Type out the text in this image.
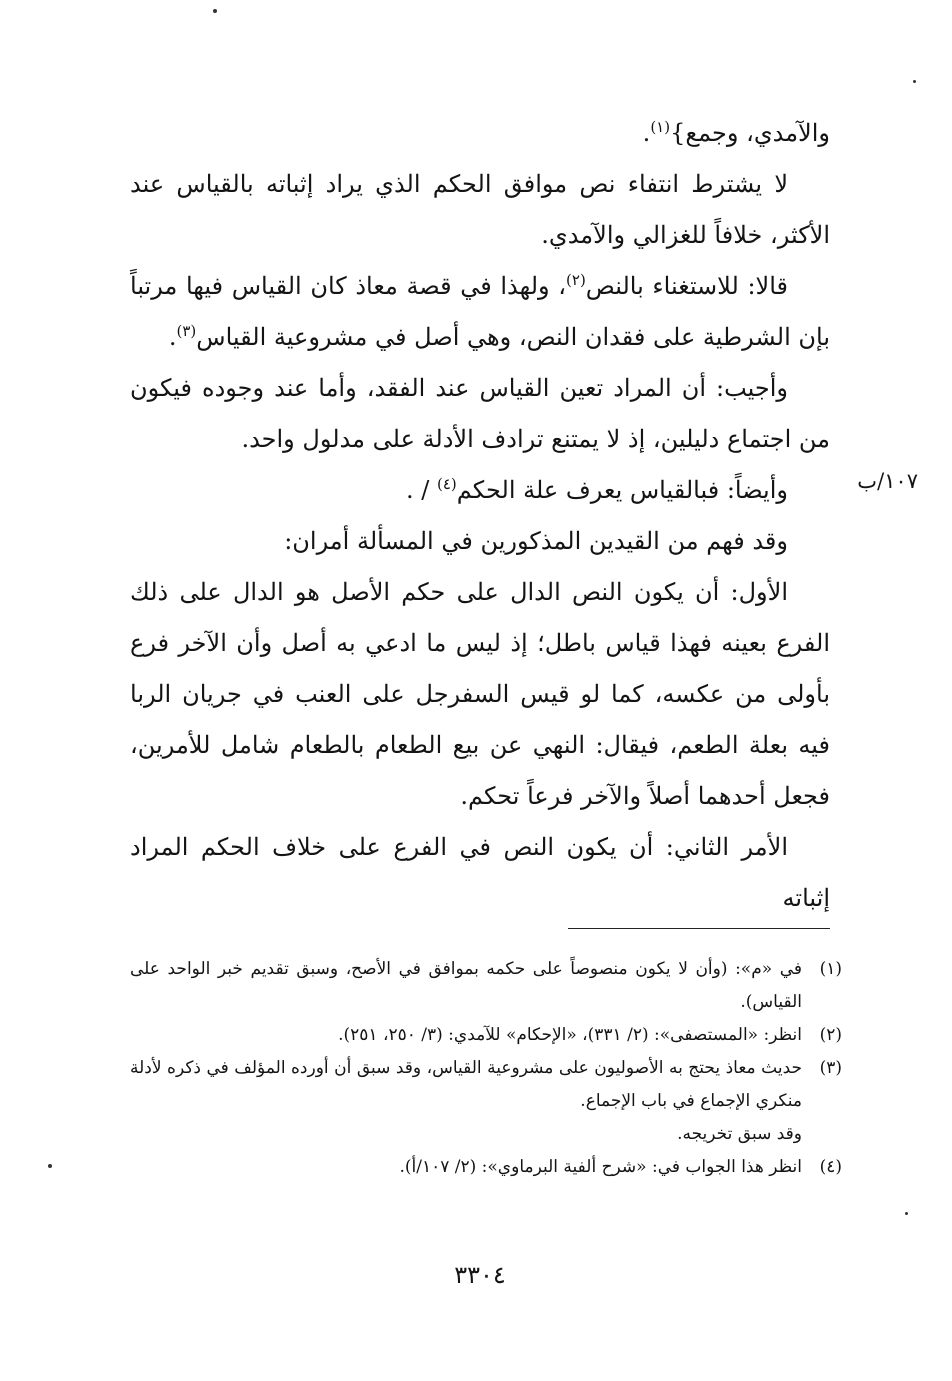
والآمدي، وجمع}$^{(١)}$.

لا يشترط انتفاء نص موافق الحكم الذي يراد إثباته بالقياس عند الأكثر، خلافاً للغزالي والآمدي.

قالا: للاستغناء بالنص$^{(٢)}$، ولهذا في قصة معاذ كان القياس فيها مرتباً بإن الشرطية على فقدان النص، وهي أصل في مشروعية القياس$^{(٣)}$.

وأجيب: أن المراد تعين القياس عند الفقد، وأما عند وجوده فيكون من اجتماع دليلين، إذ لا يمتنع ترادف الأدلة على مدلول واحد.

وأيضاً: فبالقياس يعرف علة الحكم$^{(٤)}$ / .

وقد فهم من القيدين المذكورين في المسألة أمران:

الأول: أن يكون النص الدال على حكم الأصل هو الدال على ذلك الفرع بعينه فهذا قياس باطل؛ إذ ليس ما ادعي به أصل وأن الآخر فرع بأولى من عكسه، كما لو قيس السفرجل على العنب في جريان الربا فيه بعلة الطعم، فيقال: النهي عن بيع الطعام بالطعام شامل للأمرين، فجعل أحدهما أصلاً والآخر فرعاً تحكم.

الأمر الثاني: أن يكون النص في الفرع على خلاف الحكم المراد إثباته

١٠٧/ب
(١)
في «م»: (وأن لا يكون منصوصاً على حكمه بموافق في الأصح، وسبق تقديم خبر الواحد على القياس).
(٢)
انظر: «المستصفى»: (٢/ ٣٣١)، «الإحكام» للآمدي: (٣/ ٢٥٠، ٢٥١).
(٣)
حديث معاذ يحتج به الأصوليون على مشروعية القياس، وقد سبق أن أورده المؤلف في ذكره لأدلة منكري الإجماع في باب الإجماع.
وقد سبق تخريجه.
(٤)
انظر هذا الجواب في: «شرح ألفية البرماوي»: (٢/ ١٠٧/أ).
٣٣٠٤
